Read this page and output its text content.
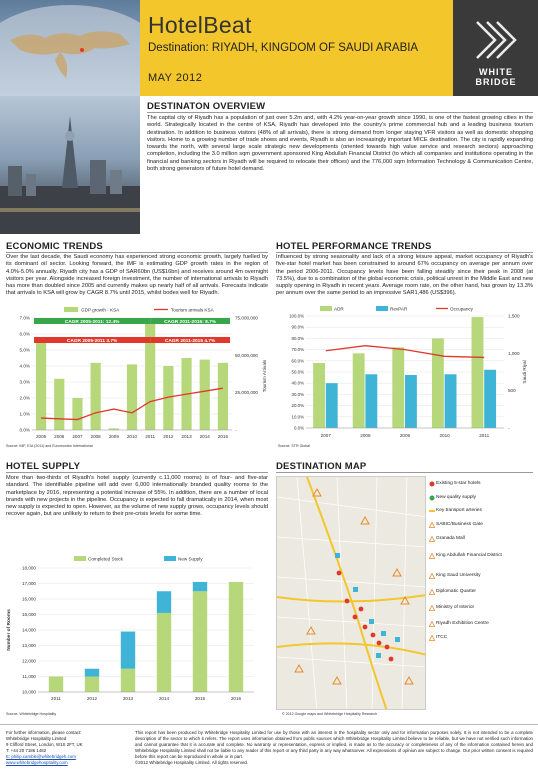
HotelBeat
Destination: RIYADH, KINGDOM OF SAUDI ARABIA
MAY 2012	WHITE
BRIDGE
DESTINATON OVERVIEW
The capital city of Riyadh has a population of just over 5.2m and, with 4.2% year-on-year growth since 1990, is one of the fastest growing cities in the world. Strategically located in the centre of KSA, Riyadh has developed into the country's prime commercial hub and a leading business tourism destination. In addition to business visitors (48% of all arrivals), there is strong demand from longer staying VFR visitors as well as domestic shopping visitors. Home to a growing number of trade shows and events, Riyadh is also an increasingly important MICE destination. The city is rapidly expanding towards the north, with several large scale strategic new developments (oriented towards high value service and research sectors) approaching completion, including the 3.0 million sqm government sponsored King Abdullah Financial District (to which all companies and institutions operating in the financial and banking sectors in Riyadh will be required to relocate their offices) and the 776,000 sqm Information Technology & Communication Centre, both strong generators of future hotel demand.
ECONOMIC TRENDS
Over the last decade, the Saudi economy has experienced strong economic growth, largely fuelled by its dominant oil sector. Looking forward, the IMF is estimating GDP growth rates in the region of 4.0%-5.0% annually. Riyadh city has a GDP of SAR60bn (US$16bn) and receives around 4m overnight visitors per year. Alongside increased foreign investment, the number of international arrivals to Riyadh has more than doubled since 2005 and currently makes up nearly half of all arrivals. Forecasts indicate that arrivals to KSA will grow by CAGR 8.7% until 2015, whilst bodes well for Riyadh.
0.0%
1.0%
2.0%
3.0%
4.0%
5.0%
6.0%
7.0%
-
25,000,000
50,000,000
75,000,000
Tourism Arrivals
2005 2006 2007 2008 2009 2010 2011 2012 2013 2014 2015
GDP growth - KSA	Tourism arrivals KSA
CAGR 2005-2011: 12.4%	CAGR 2011-2015: 8.7%
CAGR 2005-2011 3.7%	CAGR 2011-2015 4.7%
Source: IMF, EIU (2011) and Euromonitor International
HOTEL PERFORMANCE TRENDS
Influenced by strong seasonality and lack of a strong leisure appeal, market occupancy of Riyadh's five-star hotel market has been constrained to around 67% occupancy on average per annum over the period 2006-2011. Occupancy levels have been falling steadily since their peak in 2008 (at 73.5%), due to a combination of the global economic crisis, political unrest in the Middle East and new supply opening in Riyadh in recent years. Average room rate, on the other hand, has grown by 13.3% per annum over the same period to an impressive SAR1,486 (US$396).
0.0%
10.0%
20.0%
30.0%
40.0%
50.0%
60.0%
70.0%
80.0%
90.0%
100.0%
-
500
1,000
1,500
Saudi Riyal
2007	2008	2009	2010	2011
ADR	RevPAR	Occupancy
Source: STR Global
HOTEL SUPPLY
More than two-thirds of Riyadh's hotel supply (currently c.11,000 rooms) is of four- and five-star standard. The identifiable pipeline will add over 6,000 internationally branded quality rooms to the marketplace by 2016, representing a potential increase of 55%. In addition, there are a number of local brands with new projects in the pipeline. Occupancy is expected to fall dramatically in 2014, when most new supply is expected to open. However, as the volume of new supply grows, occupancy levels should recover again, but are unlikely to return to their pre-crisis levels for some time.
10,000
11,000
12,000
13,000
14,000
15,000
16,000
17,000
18,000
Number of Rooms
2011	2012	2013	2014	2015	2016
Completed Stock	New Supply
Source: Whitebridge Hospitality
DESTINATION MAP
Existing 5-star hotels
New quality supply
Key transport arteries
SABIC/Business Gate
Granada Mall
King Abdullah Financial District
King Saud University
Diplomatic Quarter
Ministry of Interior
Riyadh Exhibition Centre
ITCC
© 2012 Google maps and Whitebridge Hospitality Research
For further information, please contact:
Whitebridge Hospitality Limited
9 Clifford Street, London, W1S 2FT, UK
T: +44 20 7186 1482
E: philip.camble@whitebridgeh.com
www.whitebridgehospitality.com
This report has been produced by Whitebridge Hospitality Limited for use by those with an interest in the hospitality sector only and for information purposes solely. It is not intended to be a complete description of the sector to which it refers. The report uses information obtained from public sources which Whitebridge Hospitality Limited believe to be reliable, but we have not verified such information and cannot guarantee that it is accurate and complete. No warranty or representation, express or implied, is made as to the accuracy or completeness of any of the information contained herein and Whitebridge Hospitality Limited shall not be liable to any reader of this report or any third party in any way whatsoever. All expressions of opinion are subject to change. Our prior written consent is required before this report can be reproduced in whole or in part.
©2012 Whitebridge Hospitality Limited. All rights reserved.
